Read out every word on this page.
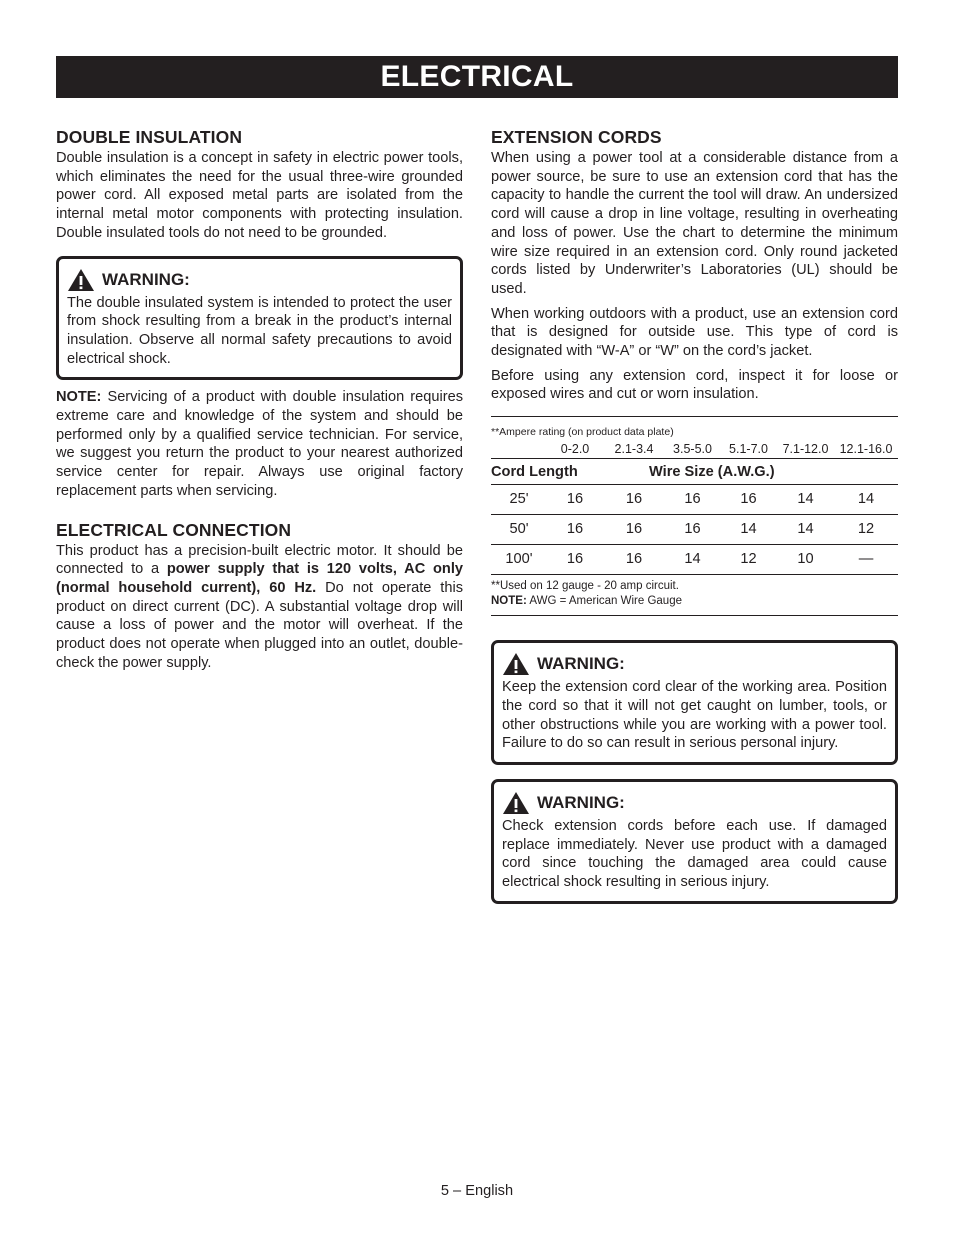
ELECTRICAL
DOUBLE INSULATION

Double insulation is a concept in safety in electric power tools, which eliminates the need for the usual three-wire grounded power cord. All exposed metal parts are isolated from the internal metal motor components with protecting insulation. Double insulated tools do not need to be grounded.

WARNING:

The double insulated system is intended to protect the user from shock resulting from a break in the product’s internal insulation. Observe all normal safety precautions to avoid electrical shock.

NOTE: Servicing of a product with double insulation requires extreme care and knowledge of the system and should be performed only by a qualified service technician. For service, we suggest you return the product to your nearest authorized service center for repair. Always use original factory replacement parts when servicing.

ELECTRICAL CONNECTION

This product has a precision-built electric motor. It should be connected to a power supply that is 120 volts, AC only (normal household current), 60 Hz. Do not operate this product on direct current (DC). A substantial voltage drop will cause a loss of power and the motor will overheat. If the product does not operate when plugged into an outlet, double-check the power supply.

EXTENSION CORDS

When using a power tool at a considerable distance from a power source, be sure to use an extension cord that has the capacity to handle the current the tool will draw. An undersized cord will cause a drop in line voltage, resulting in overheating and loss of power. Use the chart to determine the minimum wire size required in an extension cord. Only round jacketed cords listed by Underwriter’s Laboratories (UL) should be used.

When working outdoors with a product, use an extension cord that is designed for outside use. This type of cord is designated with “W-A” or “W” on the cord’s jacket.

Before using any extension cord, inspect it for loose or exposed wires and cut or worn insulation.

**Ampere rating (on product data plate)
0-2.0	2.1-3.4	3.5-5.0	5.1-7.0	7.1-12.0 12.1-16.0
Cord Length	Wire Size (A.W.G.)
25'	16	16	16	16	14	14
50'	16	16	16	14	14	12
100'	16	16	14	12	10	—
**Used on 12 gauge - 20 amp circuit.
NOTE: AWG = American Wire Gauge
WARNING:

Keep the extension cord clear of the working area. Position the cord so that it will not get caught on lumber, tools, or other obstructions while you are working with a power tool. Failure to do so can result in serious personal injury.

WARNING:

Check extension cords before each use. If damaged replace immediately. Never use product with a damaged cord since touching the damaged area could cause electrical shock resulting in serious injury.

5 – English
